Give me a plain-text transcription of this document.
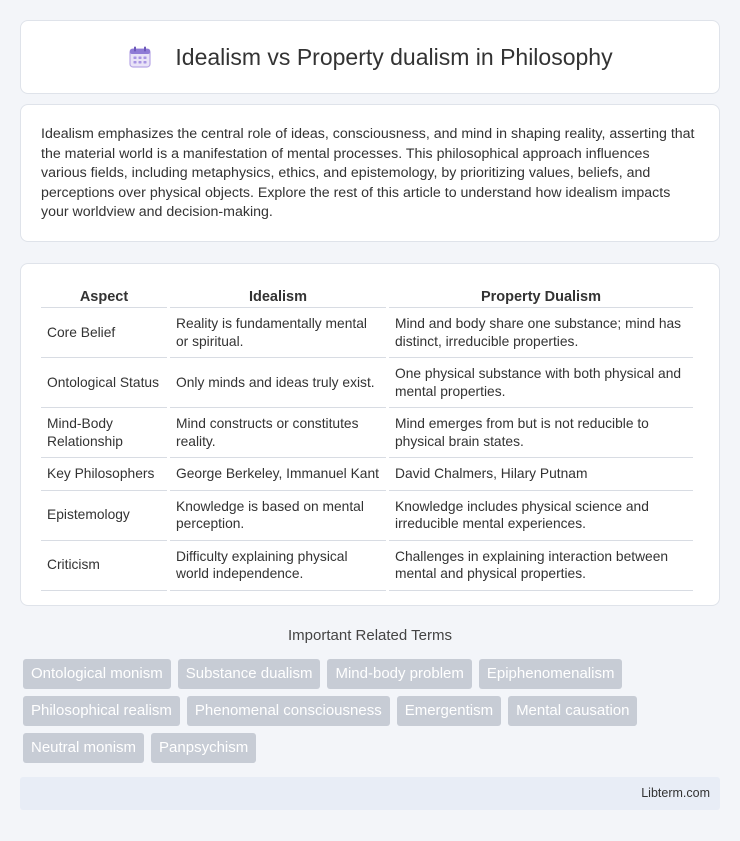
Idealism vs Property dualism in Philosophy

Idealism emphasizes the central role of ideas, consciousness, and mind in shaping reality, asserting that the material world is a manifestation of mental processes. This philosophical approach influences various fields, including metaphysics, ethics, and epistemology, by prioritizing values, beliefs, and perceptions over physical objects. Explore the rest of this article to understand how idealism impacts your worldview and decision-making.

Aspect	Idealism	Property Dualism
Core Belief	Reality is fundamentally mental or spiritual.	Mind and body share one substance; mind has distinct, irreducible properties.
Ontological Status	Only minds and ideas truly exist.	One physical substance with both physical and mental properties.
Mind-Body Relationship	Mind constructs or constitutes reality.	Mind emerges from but is not reducible to physical brain states.
Key Philosophers	George Berkeley, Immanuel Kant	David Chalmers, Hilary Putnam
Epistemology	Knowledge is based on mental perception.	Knowledge includes physical science and irreducible mental experiences.
Criticism	Difficulty explaining physical world independence.	Challenges in explaining interaction between mental and physical properties.
Important Related Terms
Ontological monism	Substance dualism	Mind-body problem	Epiphenomenalism
Philosophical realism	Phenomenal consciousness	Emergentism	Mental causation
Neutral monism	Panpsychism
Libterm.com
